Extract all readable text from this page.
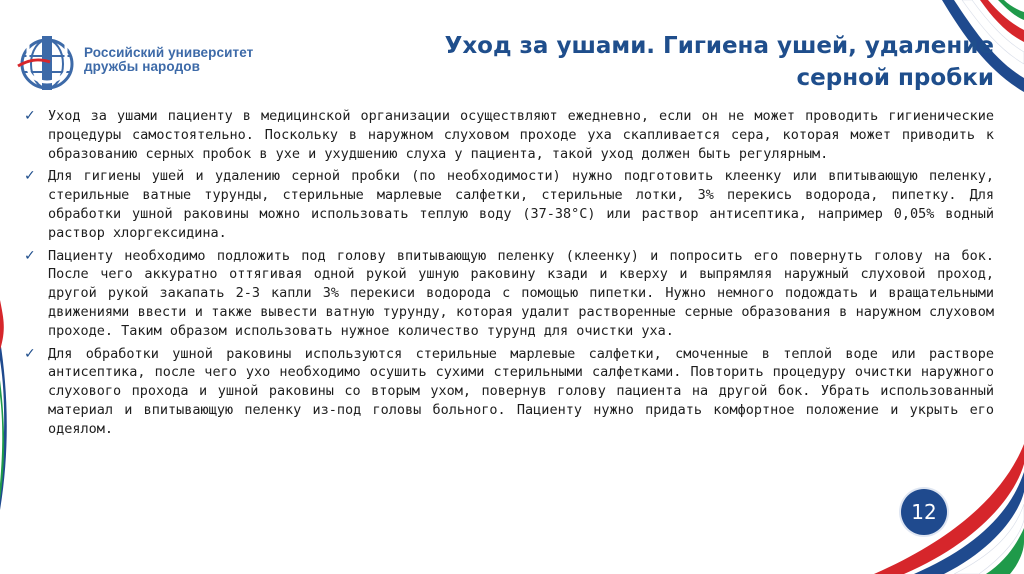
Российский университет
дружбы народов
Уход за ушами. Гигиена ушей, удаление
серной пробки
✓ Уход за ушами пациенту в медицинской организации осуществляют ежедневно, если он не может проводить гигиенические процедуры самостоятельно. Поскольку в наружном слуховом проходе уха скапливается сера, которая может приводить к образованию серных пробок в ухе и ухудшению слуха у пациента, такой уход должен быть регулярным.
✓ Для гигиены ушей и удалению серной пробки (по необходимости) нужно подготовить клеенку или впитывающую пеленку, стерильные ватные турунды, стерильные марлевые салфетки, стерильные лотки, 3% перекись водорода, пипетку. Для обработки ушной раковины можно использовать теплую воду (37-38°С) или раствор антисептика, например 0,05% водный раствор хлоргексидина.
✓ Пациенту необходимо подложить под голову впитывающую пеленку (клеенку) и попросить его повернуть голову на бок. После чего аккуратно оттягивая одной рукой ушную раковину кзади и кверху и выпрямляя наружный слуховой проход, другой рукой закапать 2-3 капли 3% перекиси водорода с помощью пипетки. Нужно немного подождать и вращательными движениями ввести и также вывести ватную турунду, которая удалит растворенные серные образования в наружном слуховом проходе. Таким образом использовать нужное количество турунд для очистки уха.
✓ Для обработки ушной раковины используются стерильные марлевые салфетки, смоченные в теплой воде или растворе антисептика, после чего ухо необходимо осушить сухими стерильными салфетками. Повторить процедуру очистки наружного слухового прохода и ушной раковины со вторым ухом, повернув голову пациента на другой бок. Убрать использованный материал и впитывающую пеленку из-под головы больного. Пациенту нужно придать комфортное положение и укрыть его одеялом.
12
